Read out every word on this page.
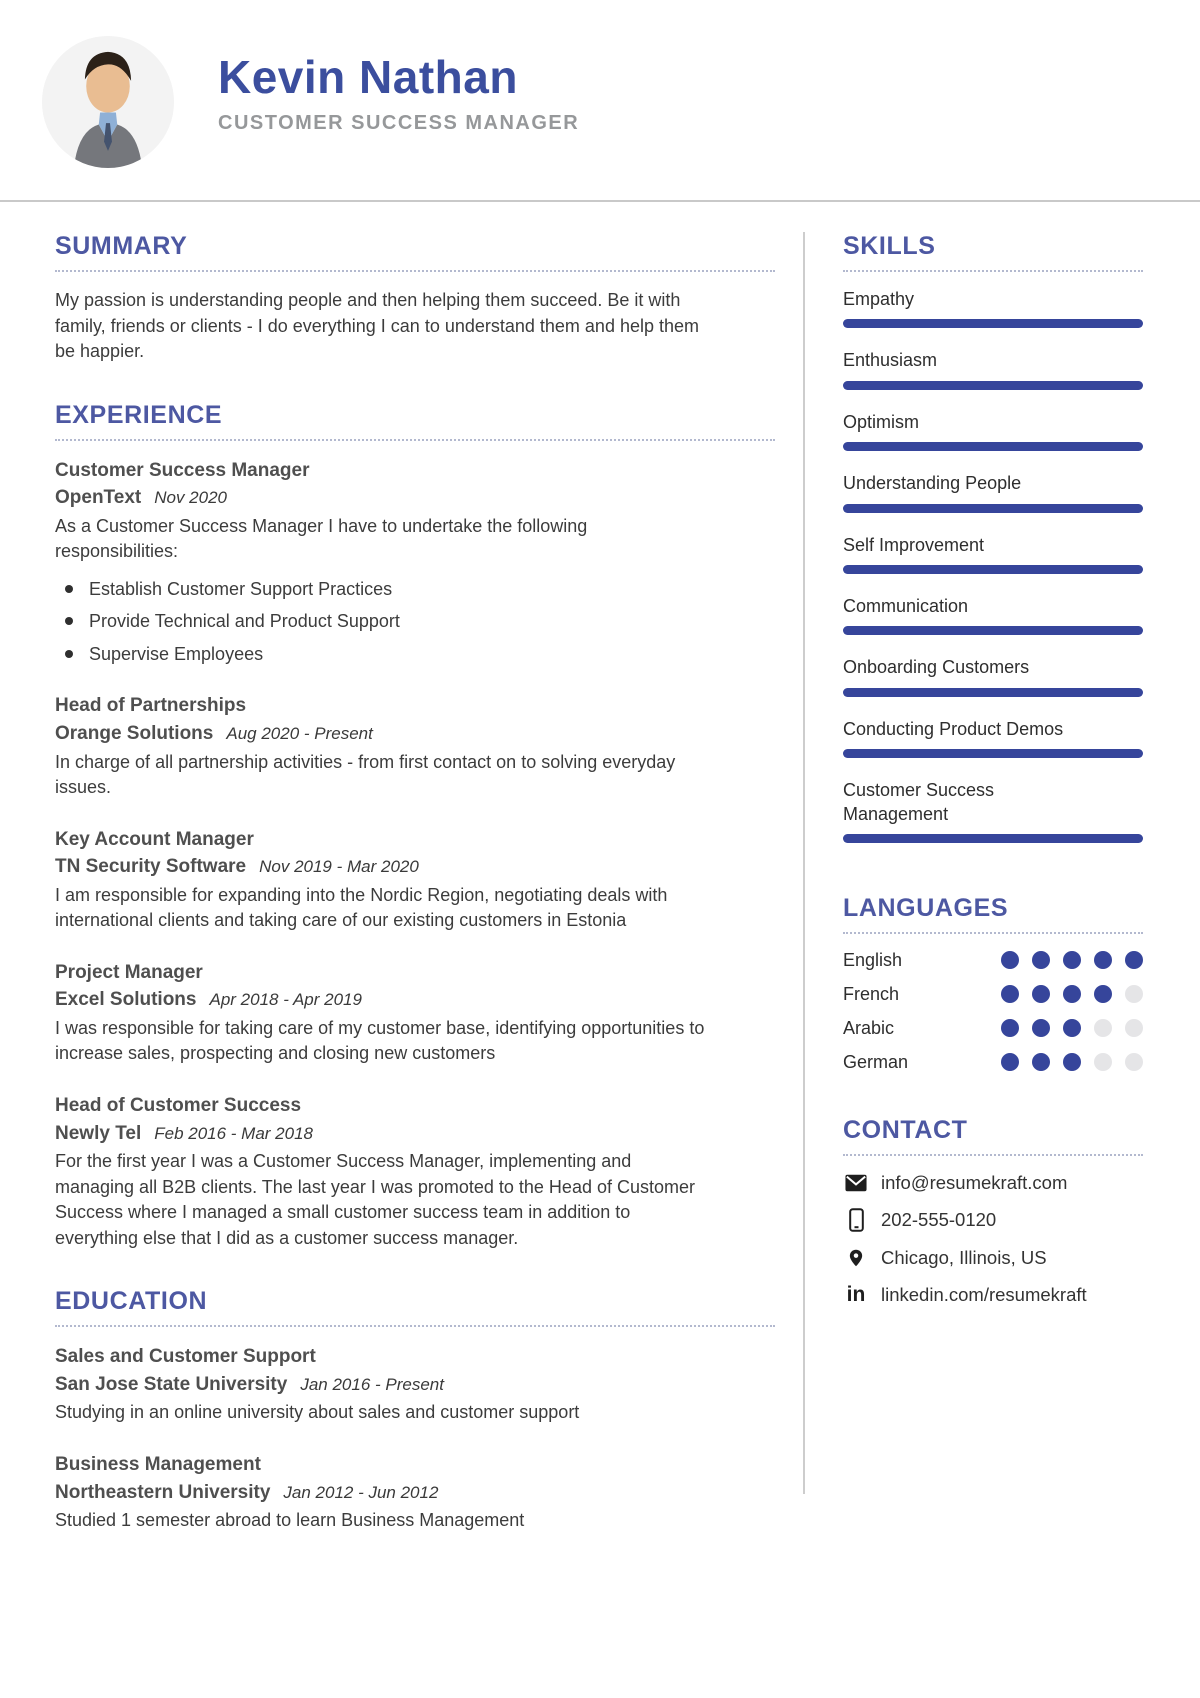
Kevin Nathan
CUSTOMER SUCCESS MANAGER
SUMMARY

My passion is understanding people and then helping them succeed. Be it with family, friends or clients - I do everything I can to understand them and help them be happier.

EXPERIENCE
Customer Success Manager
OpenText Nov 2020
As a Customer Success Manager I have to undertake the following responsibilities:
Establish Customer Support Practices
Provide Technical and Product Support
Supervise Employees
Head of Partnerships
Orange Solutions Aug 2020 - Present
In charge of all partnership activities - from first contact on to solving everyday issues.
Key Account Manager
TN Security Software Nov 2019 - Mar 2020
I am responsible for expanding into the Nordic Region, negotiating deals with international clients and taking care of our existing customers in Estonia
Project Manager
Excel Solutions Apr 2018 - Apr 2019
I was responsible for taking care of my customer base, identifying opportunities to increase sales, prospecting and closing new customers
Head of Customer Success
Newly Tel Feb 2016 - Mar 2018
For the first year I was a Customer Success Manager, implementing and managing all B2B clients. The last year I was promoted to the Head of Customer Success where I managed a small customer success team in addition to everything else that I did as a customer success manager.
EDUCATION
Sales and Customer Support
San Jose State University Jan 2016 - Present
Studying in an online university about sales and customer support
Business Management
Northeastern University Jan 2012 - Jun 2012
Studied 1 semester abroad to learn Business Management
SKILLS
Empathy
Enthusiasm
Optimism
Understanding People
Self Improvement
Communication
Onboarding Customers
Conducting Product Demos
Customer Success Management
LANGUAGES
English
French
Arabic
German
CONTACT
info@resumekraft.com
202-555-0120
Chicago, Illinois, US
in linkedin.com/resumekraft
